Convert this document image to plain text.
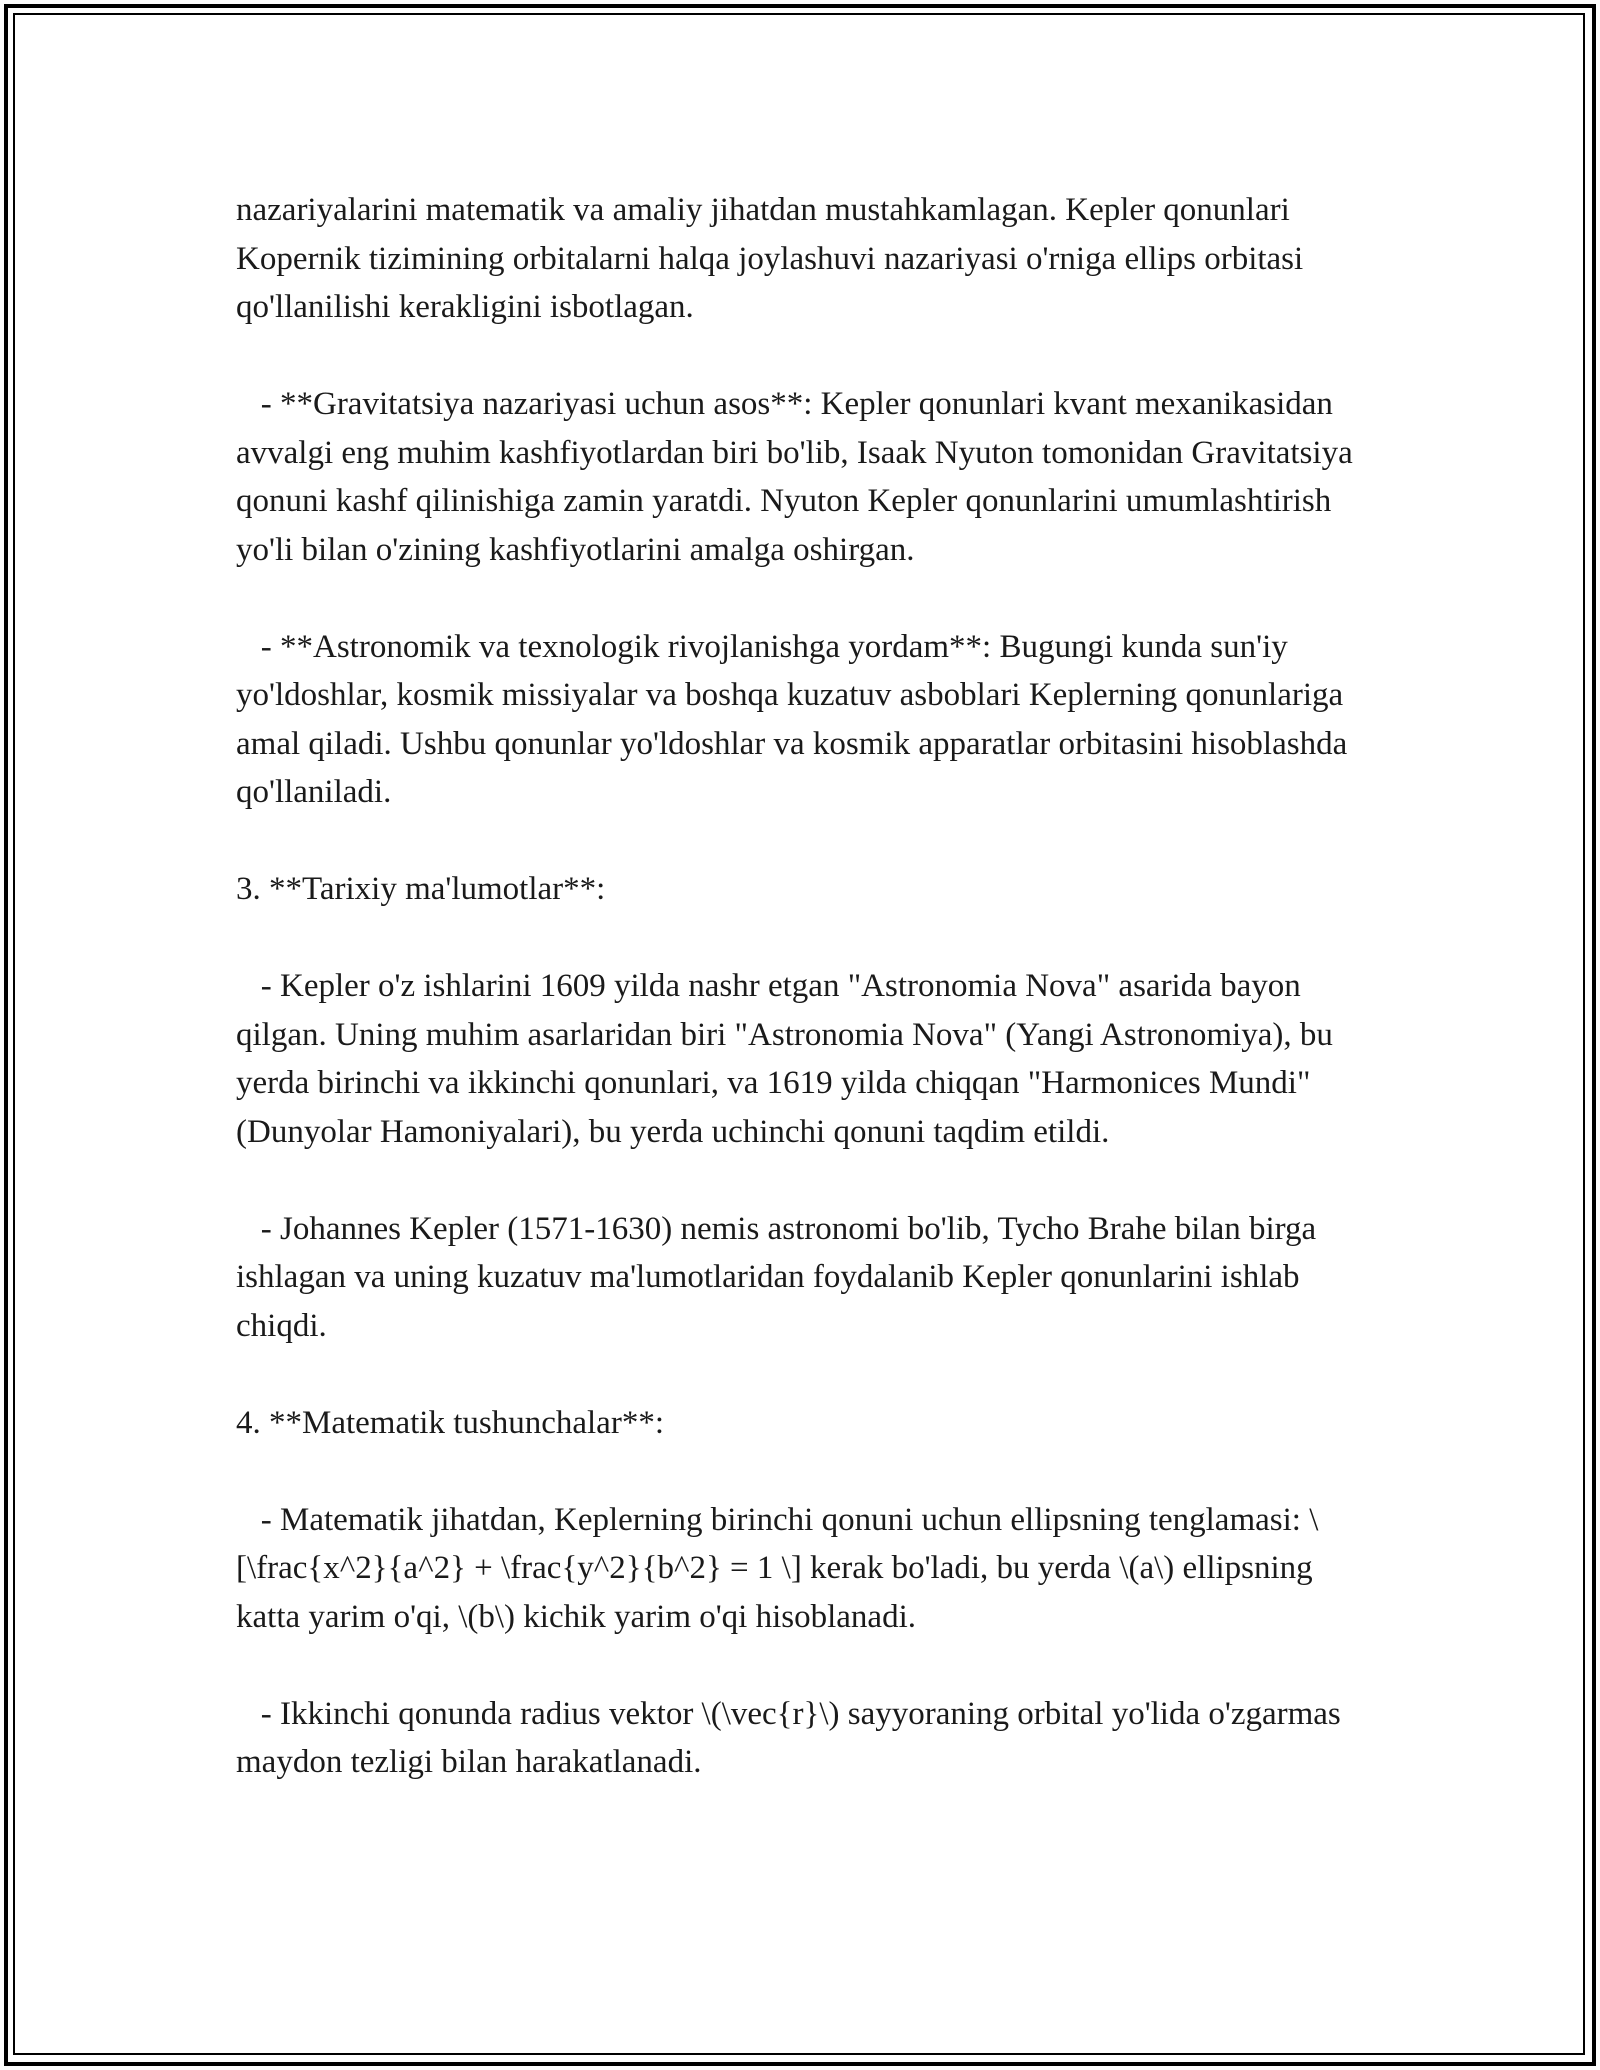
nazariyalarini matematik va amaliy jihatdan mustahkamlagan. Kepler qonunlari Kopernik tizimining orbitalarni halqa joylashuvi nazariyasi o'rniga ellips orbitasi qo'llanilishi kerakligini isbotlagan.

- **Gravitatsiya nazariyasi uchun asos**: Kepler qonunlari kvant mexanikasidan avvalgi eng muhim kashfiyotlardan biri bo'lib, Isaak Nyuton tomonidan Gravitatsiya qonuni kashf qilinishiga zamin yaratdi. Nyuton Kepler qonunlarini umumlashtirish yo'li bilan o'zining kashfiyotlarini amalga oshirgan.

- **Astronomik va texnologik rivojlanishga yordam**: Bugungi kunda sun'iy yo'ldoshlar, kosmik missiyalar va boshqa kuzatuv asboblari Keplerning qonunlariga amal qiladi. Ushbu qonunlar yo'ldoshlar va kosmik apparatlar orbitasini hisoblashda qo'llaniladi.

3. **Tarixiy ma'lumotlar**:

- Kepler o'z ishlarini 1609 yilda nashr etgan "Astronomia Nova" asarida bayon qilgan. Uning muhim asarlaridan biri "Astronomia Nova" (Yangi Astronomiya), bu yerda birinchi va ikkinchi qonunlari, va 1619 yilda chiqqan "Harmonices Mundi" (Dunyolar Hamoniyalari), bu yerda uchinchi qonuni taqdim etildi.

- Johannes Kepler (1571-1630) nemis astronomi bo'lib, Tycho Brahe bilan birga ishlagan va uning kuzatuv ma'lumotlaridan foydalanib Kepler qonunlarini ishlab chiqdi.

4. **Matematik tushunchalar**:

- Matematik jihatdan, Keplerning birinchi qonuni uchun ellipsning tenglamasi: \[\frac{x^2}{a^2} + \frac{y^2}{b^2} = 1 \] kerak bo'ladi, bu yerda \(a\) ellipsning katta yarim o'qi, \(b\) kichik yarim o'qi hisoblanadi.

- Ikkinchi qonunda radius vektor \(\vec{r}\) sayyoraning orbital yo'lida o'zgarmas maydon tezligi bilan harakatlanadi.
